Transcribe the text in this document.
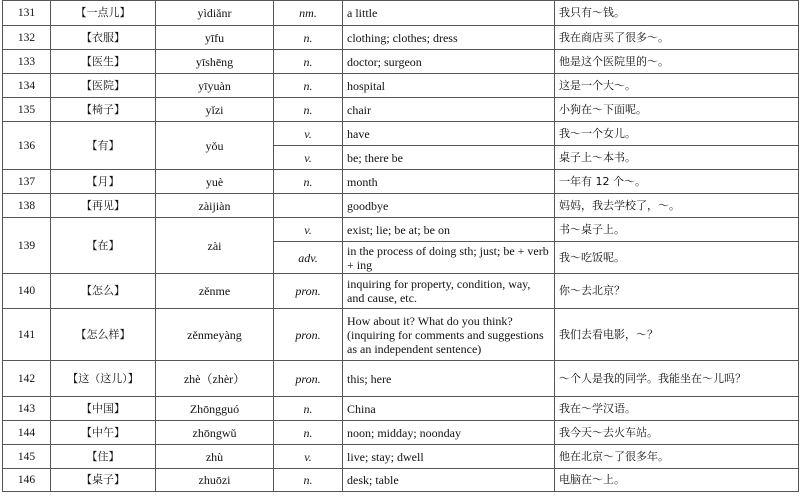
131	【一点儿】	yìdiǎnr	nm.	a little	我只有～钱。
132	【衣服】	yīfu	n.	clothing; clothes; dress	我在商店买了很多～。
133	【医生】	yīshēng	n.	doctor; surgeon	他是这个医院里的～。
134	【医院】	yīyuàn	n.	hospital	这是一个大～。
135	【椅子】	yǐzi	n.	chair	小狗在～下面呢。
136	【有】	yǒu	v.	have	我～一个女儿。
			v.	be; there be	桌子上～本书。
137	【月】	yuè	n.	month	一年有 12 个～。
138	【再见】	zàijiàn		goodbye	妈妈，我去学校了，～。
139	【在】	zài	v.	exist; lie; be at; be on	书～桌子上。
			adv.	in the process of doing sth; just; be + verb + ing	我～吃饭呢。
140	【怎么】	zěnme	pron.	inquiring for property, condition, way, and cause, etc.	你～去北京？
141	【怎么样】	zěnmeyàng	pron.	How about it? What do you think? (inquiring for comments and suggestions as an independent sentence)	我们去看电影，～？
142	【这（这儿）】	zhè（zhèr）	pron.	this; here	～个人是我的同学。我能坐在～儿吗？
143	【中国】	Zhōngguó	n.	China	我在～学汉语。
144	【中午】	zhōngwǔ	n.	noon; midday; noonday	我今天～去火车站。
145	【住】	zhù	v.	live; stay; dwell	他在北京～了很多年。
146	【桌子】	zhuōzi	n.	desk; table	电脑在～上。
